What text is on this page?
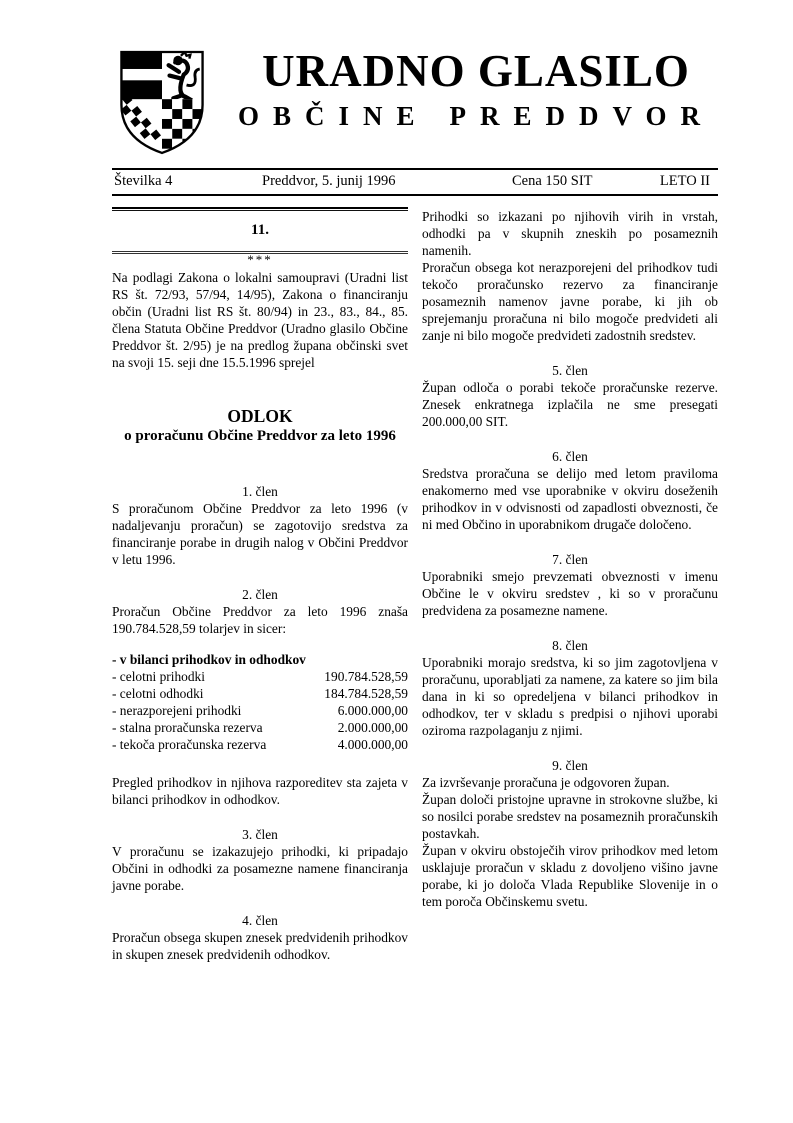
URADNO GLASILO
OBČINE PREDDVOR
Številka 4	Preddvor, 5. junij 1996	Cena 150 SIT	LETO II
11.
***

Na podlagi Zakona o lokalni samoupravi (Uradni list RS št. 72/93, 57/94, 14/95), Zakona o financiranju občin (Uradni list RS št. 80/94) in 23., 83., 84., 85. člena Statuta Občine Preddvor (Uradno glasilo Občine Preddvor št. 2/95) je na predlog župana občinski svet na svoji 15. seji dne 15.5.1996 sprejel

ODLOK
o proračunu Občine Preddvor za leto 1996
1. člen

S proračunom Občine Preddvor za leto 1996 (v nadaljevanju proračun) se zagotovijo sredstva za financiranje porabe in drugih nalog v Občini Preddvor v letu 1996.

2. člen

Proračun Občine Preddvor za leto 1996 znaša 190.784.528,59 tolarjev in sicer:

- v bilanci prihodkov in odhodkov
- celotni prihodki	190.784.528,59
- celotni odhodki	184.784.528,59
- nerazporejeni prihodki	6.000.000,00
- stalna proračunska rezerva	2.000.000,00
- tekoča proračunska rezerva	4.000.000,00

Pregled prihodkov in njihova razporeditev sta zajeta v bilanci prihodkov in odhodkov.

3. člen

V proračunu se izakazujejo prihodki, ki pripadajo Občini in odhodki za posamezne namene financiranja javne porabe.

4. člen

Proračun obsega skupen znesek predvidenih prihodkov in skupen znesek predvidenih odhodkov.

Prihodki so izkazani po njihovih virih in vrstah, odhodki pa v skupnih zneskih po posameznih namenih.

Proračun obsega kot nerazporejeni del prihodkov tudi tekočo proračunsko rezervo za financiranje posameznih namenov javne porabe, ki jih ob sprejemanju proračuna ni bilo mogoče predvideti ali zanje ni bilo mogoče predvideti zadostnih sredstev.

5. člen

Župan odloča o porabi tekoče proračunske rezerve. Znesek enkratnega izplačila ne sme presegati 200.000,00 SIT.

6. člen

Sredstva proračuna se delijo med letom praviloma enakomerno med vse uporabnike v okviru doseženih prihodkov in v odvisnosti od zapadlosti obveznosti, če ni med Občino in uporabnikom drugače določeno.

7. člen

Uporabniki smejo prevzemati obveznosti v imenu Občine le v okviru sredstev , ki so v proračunu predvidena za posamezne namene.

8. člen

Uporabniki morajo sredstva, ki so jim zagotovljena v proračunu, uporabljati za namene, za katere so jim bila dana in ki so opredeljena v bilanci prihodkov in odhodkov, ter v skladu s predpisi o njihovi uporabi oziroma razpolaganju z njimi.

9. člen

Za izvrševanje proračuna je odgovoren župan.

Župan določi pristojne upravne in strokovne službe, ki so nosilci porabe sredstev na posameznih proračunskih postavkah.

Župan v okviru obstoječih virov prihodkov med letom usklajuje proračun v skladu z dovoljeno višino javne porabe, ki jo določa Vlada Republike Slovenije in o tem poroča Občinskemu svetu.
